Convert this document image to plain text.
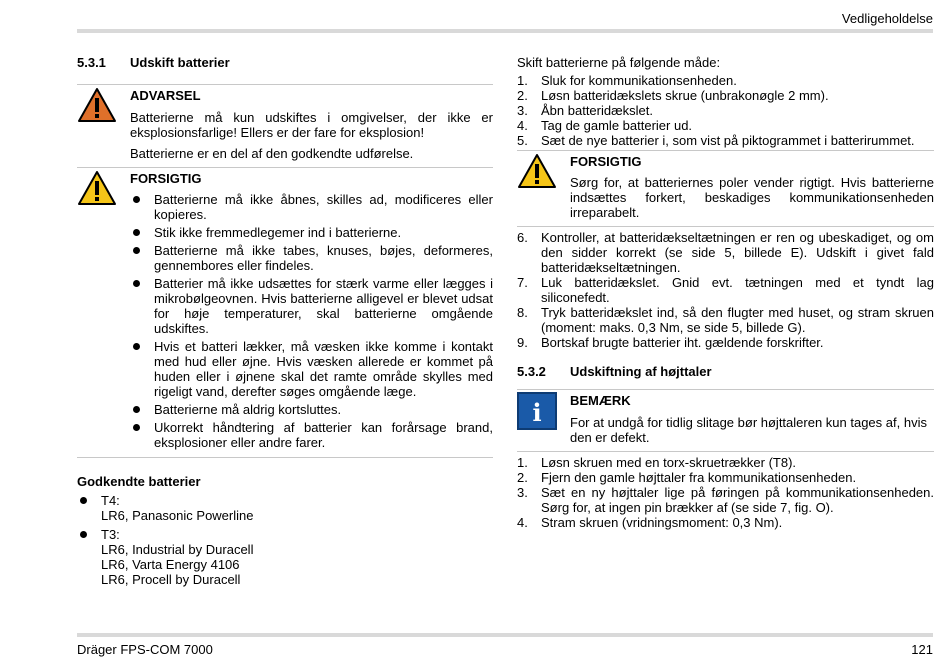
Vedligeholdelse
5.3.1	Udskift batterier
ADVARSEL
Batterierne må kun udskiftes i omgivelser, der ikke er eksplosionsfarlige! Ellers er der fare for eksplosion!
Batterierne er en del af den godkendte udførelse.
FORSIGTIG
Batterierne må ikke åbnes, skilles ad, modificeres eller kopieres.
Stik ikke fremmedlegemer ind i batterierne.
Batterierne må ikke tabes, knuses, bøjes, deformeres, gennembores eller findeles.
Batterier må ikke udsættes for stærk varme eller lægges i mikrobølgeovnen. Hvis batterierne alligevel er blevet udsat for høje temperaturer, skal batterierne omgående udskiftes.
Hvis et batteri lækker, må væsken ikke komme i kontakt med hud eller øjne. Hvis væsken allerede er kommet på huden eller i øjnene skal det ramte område skylles med rigeligt vand, derefter søges omgående læge.
Batterierne må aldrig kortsluttes.
Ukorrekt håndtering af batterier kan forårsage brand, eksplosioner eller andre farer.
Godkendte batterier
T4:
LR6, Panasonic Powerline
T3:
LR6, Industrial by Duracell
LR6, Varta Energy 4106
LR6, Procell by Duracell
Skift batterierne på følgende måde:
1. Sluk for kommunikationsenheden.
2. Løsn batteridækslets skrue (unbrakonøgle 2 mm).
3. Åbn batteridækslet.
4. Tag de gamle batterier ud.
5. Sæt de nye batterier i, som vist på piktogrammet i batterirummet.
FORSIGTIG
Sørg for, at batteriernes poler vender rigtigt. Hvis batterierne indsættes forkert, beskadiges kommunikationsenheden irreparabelt.
6. Kontroller, at batteridækseltætningen er ren og ubeskadiget, og om den sidder korrekt (se side 5, billede E). Udskift i givet fald batteridækseltætningen.
7. Luk batteridækslet. Gnid evt. tætningen med et tyndt lag siliconefedt.
8. Tryk batteridækslet ind, så den flugter med huset, og stram skruen (moment: maks. 0,3 Nm, se side 5, billede G).
9. Bortskaf brugte batterier iht. gældende forskrifter.
5.3.2	Udskiftning af højttaler
i BEMÆRK
For at undgå for tidlig slitage bør højttaleren kun tages af, hvis den er defekt.
1. Løsn skruen med en torx-skruetrækker (T8).
2. Fjern den gamle højttaler fra kommunikationsenheden.
3. Sæt en ny højttaler lige på føringen på kommunikationsenheden. Sørg for, at ingen pin brækker af (se side 7, fig. O).
4. Stram skruen (vridningsmoment: 0,3 Nm).
Dräger FPS-COM 7000	121
